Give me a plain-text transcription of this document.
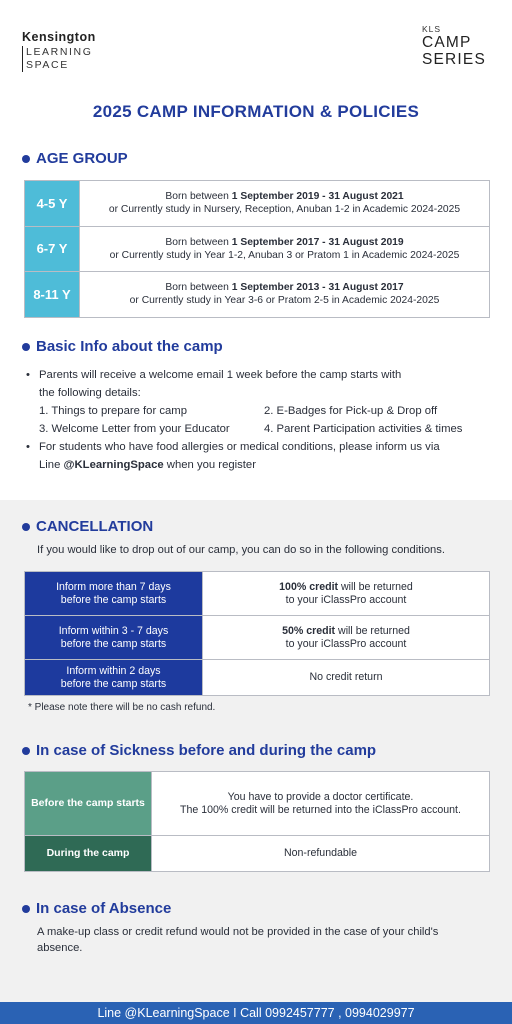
Kensington
LEARNING
SPACE
KLS
CAMP
SERIES
2025 CAMP INFORMATION & POLICIES
AGE GROUP
4-5 Y	Born between 1 September 2019 - 31 August 2021
or Currently study in Nursery, Reception, Anuban 1-2 in Academic 2024-2025
6-7 Y	Born between 1 September 2017 - 31 August 2019
or Currently study in Year 1-2, Anuban 3 or Pratom 1 in Academic 2024-2025
8-11 Y	Born between 1 September 2013 - 31 August 2017
or Currently study in Year 3-6 or Pratom 2-5 in Academic 2024-2025
Basic Info about the camp
• Parents will receive a welcome email 1 week before the camp starts with
the following details:
1. Things to prepare for camp	2. E-Badges for Pick-up & Drop off
3. Welcome Letter from your Educator	4. Parent Participation activities & times
• For students who have food allergies or medical conditions, please inform us via
Line @KLearningSpace when you register
CANCELLATION
If you would like to drop out of our camp, you can do so in the following conditions.
Inform more than 7 days
before the camp starts	100% credit will be returned
to your iClassPro account
Inform within 3 - 7 days
before the camp starts	50% credit will be returned
to your iClassPro account
Inform within 2 days
before the camp starts	No credit return
* Please note there will be no cash refund.
In case of Sickness before and during the camp
Before the camp starts	You have to provide a doctor certificate.
The 100% credit will be returned into the iClassPro account.
During the camp	Non-refundable
In case of Absence
A make-up class or credit refund would not be provided in the case of your child's
absence.
Line @KLearningSpace I Call 0992457777 , 0994029977
